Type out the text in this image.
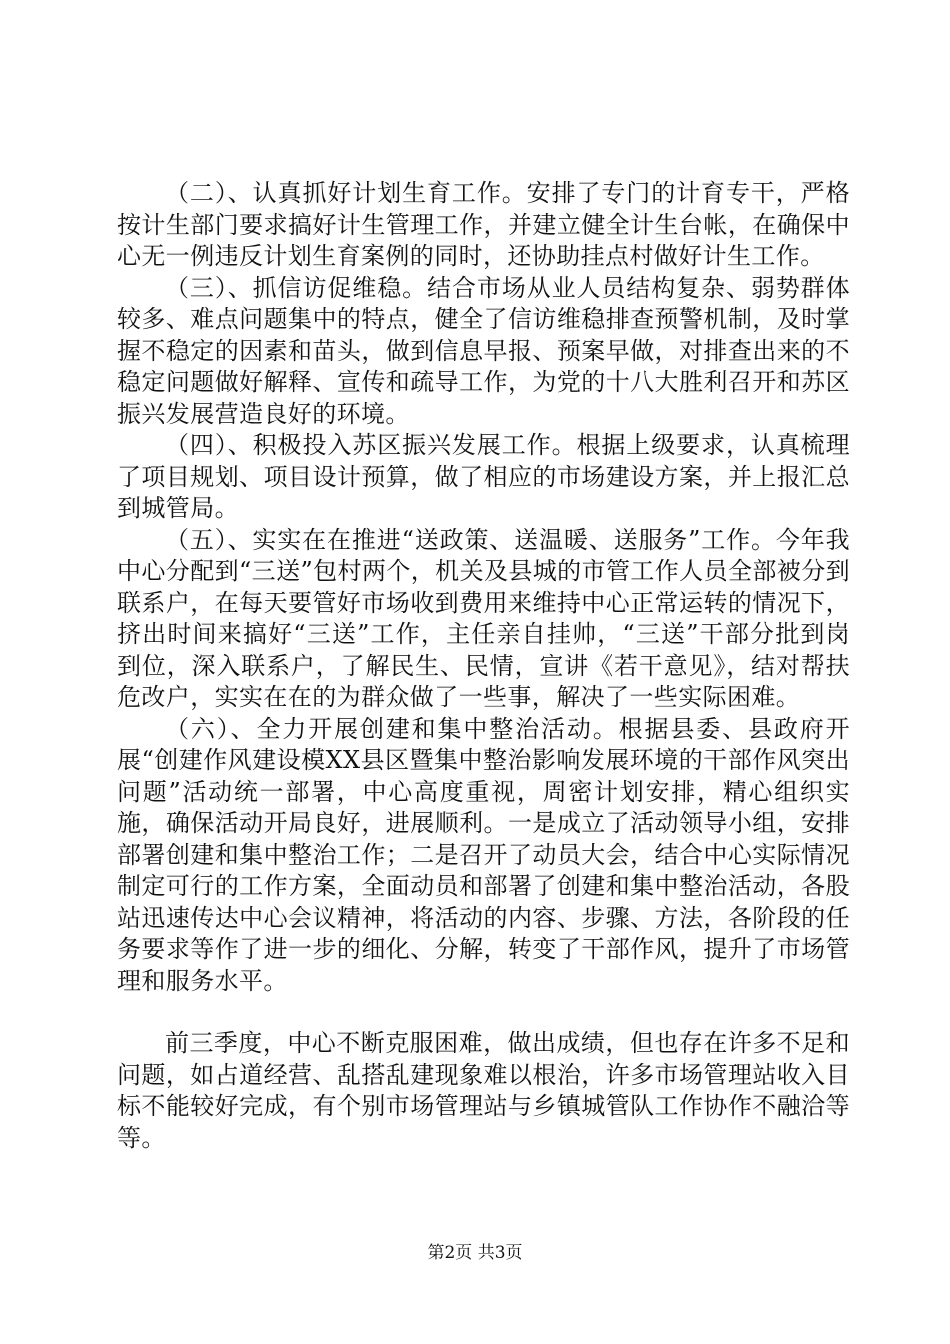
（二）、认真抓好计划生育工作。安排了专门的计育专干，严格按计生部门要求搞好计生管理工作，并建立健全计生台帐，在确保中心无一例违反计划生育案例的同时，还协助挂点村做好计生工作。

（三）、抓信访促维稳。结合市场从业人员结构复杂、弱势群体较多、难点问题集中的特点，健全了信访维稳排查预警机制，及时掌握不稳定的因素和苗头，做到信息早报、预案早做，对排查出来的不稳定问题做好解释、宣传和疏导工作，为党的十八大胜利召开和苏区振兴发展营造良好的环境。

（四）、积极投入苏区振兴发展工作。根据上级要求，认真梳理了项目规划、项目设计预算，做了相应的市场建设方案，并上报汇总到城管局。

（五）、实实在在推进“送政策、送温暖、送服务”工作。今年我中心分配到“三送”包村两个，机关及县城的市管工作人员全部被分到联系户，在每天要管好市场收到费用来维持中心正常运转的情况下，挤出时间来搞好“三送”工作，主任亲自挂帅，“三送”干部分批到岗到位，深入联系户，了解民生、民情，宣讲《若干意见》，结对帮扶危改户，实实在在的为群众做了一些事，解决了一些实际困难。

（六）、全力开展创建和集中整治活动。根据县委、县政府开展“创建作风建设模XX县区暨集中整治影响发展环境的干部作风突出问题”活动统一部署，中心高度重视，周密计划安排，精心组织实施，确保活动开局良好，进展顺利。一是成立了活动领导小组，安排部署创建和集中整治工作；二是召开了动员大会，结合中心实际情况制定可行的工作方案，全面动员和部署了创建和集中整治活动，各股站迅速传达中心会议精神，将活动的内容、步骤、方法，各阶段的任务要求等作了进一步的细化、分解，转变了干部作风，提升了市场管理和服务水平。

前三季度，中心不断克服困难，做出成绩，但也存在许多不足和问题，如占道经营、乱搭乱建现象难以根治，许多市场管理站收入目标不能较好完成，有个别市场管理站与乡镇城管队工作协作不融洽等等。

第2页 共3页
